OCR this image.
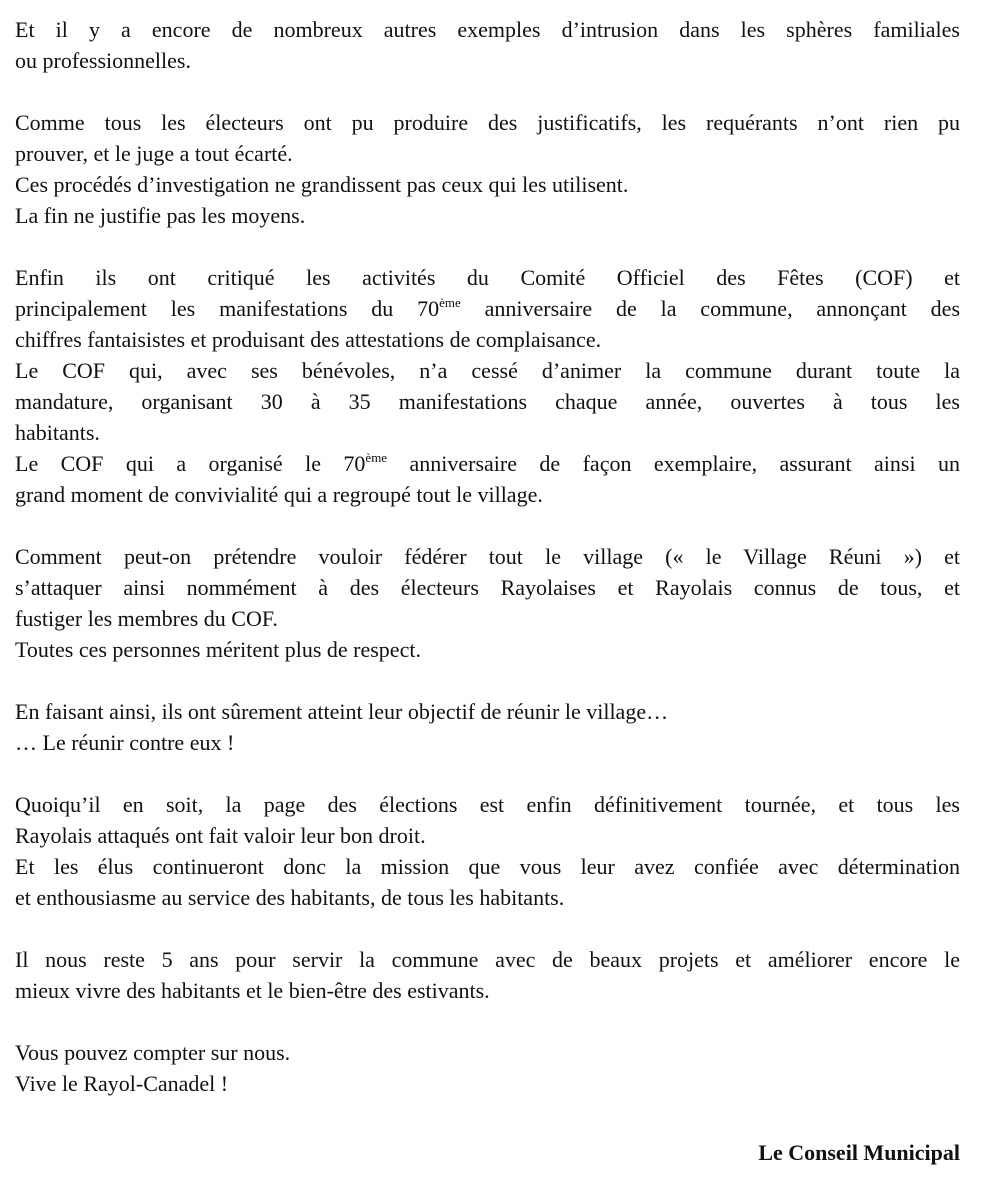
Et il y a encore de nombreux autres exemples d’intrusion dans les sphères familiales
ou professionnelles.

Comme tous les électeurs ont pu produire des justificatifs, les requérants n’ont rien pu
prouver, et le juge a tout écarté.
Ces procédés d’investigation ne grandissent pas ceux qui les utilisent.
La fin ne justifie pas les moyens.

Enfin ils ont critiqué les activités du Comité Officiel des Fêtes (COF) et
principalement les manifestations du 70ème anniversaire de la commune, annonçant des
chiffres fantaisistes et produisant des attestations de complaisance.
Le COF qui, avec ses bénévoles, n’a cessé d’animer la commune durant toute la
mandature, organisant 30 à 35 manifestations chaque année, ouvertes à tous les
habitants.
Le COF qui a organisé le 70ème anniversaire de façon exemplaire, assurant ainsi un
grand moment de convivialité qui a regroupé tout le village.

Comment peut-on prétendre vouloir fédérer tout le village (« le Village Réuni ») et
s’attaquer ainsi nommément à des électeurs Rayolaises et Rayolais connus de tous, et
fustiger les membres du COF.
Toutes ces personnes méritent plus de respect.

En faisant ainsi, ils ont sûrement atteint leur objectif de réunir le village…
… Le réunir contre eux !

Quoiqu’il en soit, la page des élections est enfin définitivement tournée, et tous les
Rayolais attaqués ont fait valoir leur bon droit.
Et les élus continueront donc la mission que vous leur avez confiée avec détermination
et enthousiasme au service des habitants, de tous les habitants.

Il nous reste 5 ans pour servir la commune avec de beaux projets et améliorer encore le
mieux vivre des habitants et le bien-être des estivants.

Vous pouvez compter sur nous.
Vive le Rayol-Canadel !

Le Conseil Municipal
